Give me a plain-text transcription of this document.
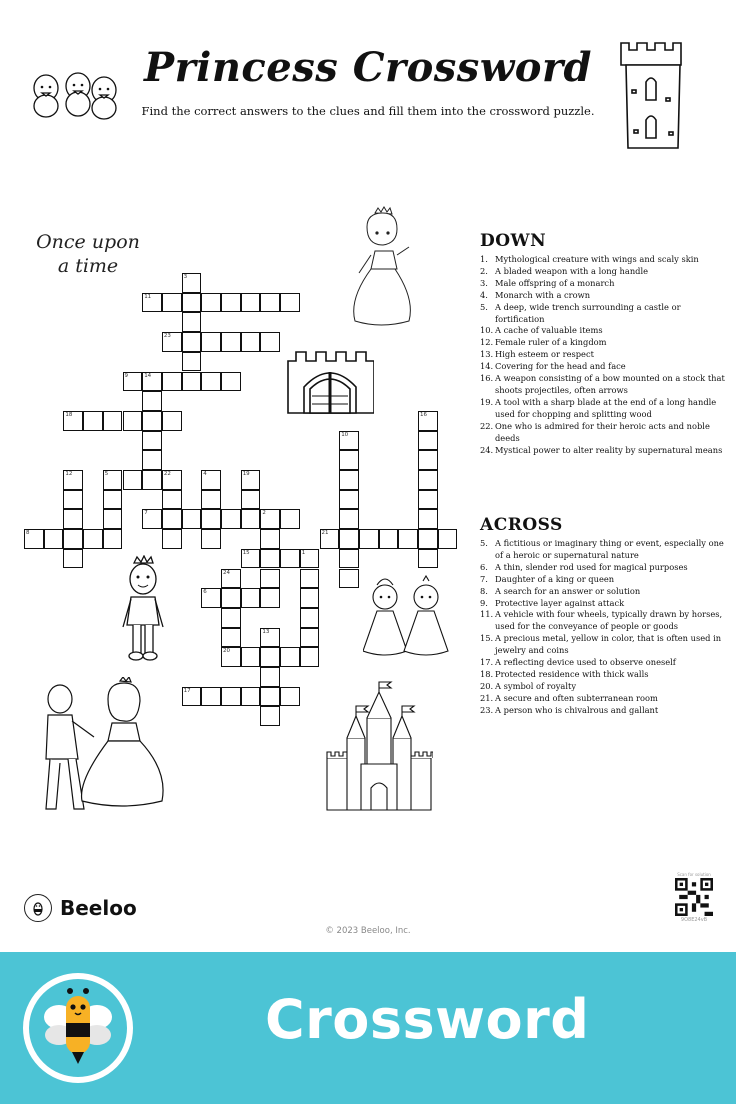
Princess Crossword
Find the correct answers to the clues and fill them into the crossword puzzle.
Once upon
a time
11
23
9	14
18
5	22
7	2
8	21
15	1
6
20
17
3
16
10
12	4	19
24
13
DOWN
1. Mythological creature with wings and scaly skin
2. A bladed weapon with a long handle
3. Male offspring of a monarch
4. Monarch with a crown
5. A deep, wide trench surrounding a castle or fortification
10. A cache of valuable items
12. Female ruler of a kingdom
13. High esteem or respect
14. Covering for the head and face
16. A weapon consisting of a bow mounted on a stock that shoots projectiles, often arrows
19. A tool with a sharp blade at the end of a long handle used for chopping and splitting wood
22. One who is admired for their heroic acts and noble deeds
24. Mystical power to alter reality by supernatural means
ACROSS
5. A fictitious or imaginary thing or event, especially one of a heroic or supernatural nature
6. A thin, slender rod used for magical purposes
7. Daughter of a king or queen
8. A search for an answer or solution
9. Protective layer against attack
11. A vehicle with four wheels, typically drawn by horses, used for the conveyance of people or goods
15. A precious metal, yellow in color, that is often used in jewelry and coins
17. A reflecting device used to observe oneself
18. Protected residence with thick walls
20. A symbol of royalty
21. A secure and often subterranean room
23. A person who is chivalrous and gallant
Beeloo
© 2023 Beeloo, Inc.
Scan for solution
9O8E24vB
Crossword
